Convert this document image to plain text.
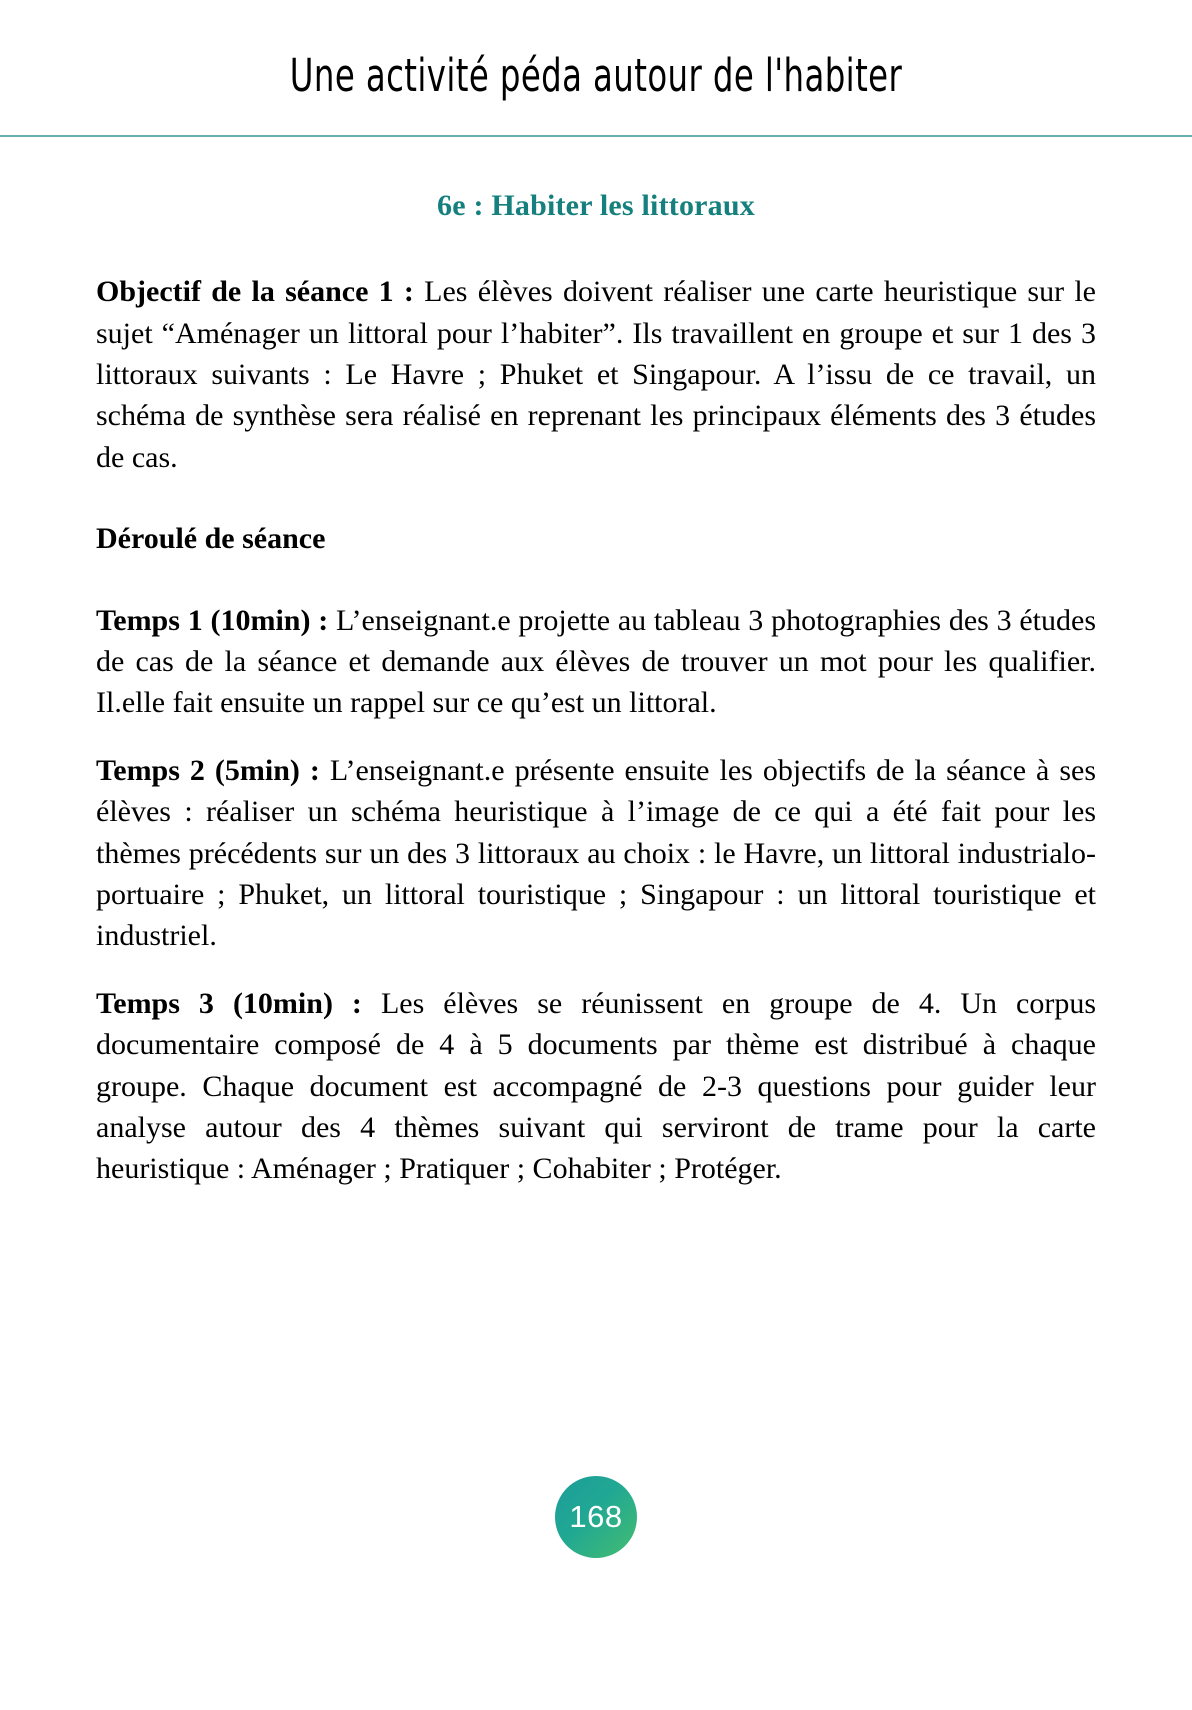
Une activité péda autour de l'habiter
6e : Habiter les littoraux

Objectif de la séance 1 : Les élèves doivent réaliser une carte heuristique sur le sujet “Aménager un littoral pour l’habiter”. Ils travaillent en groupe et sur 1 des 3 littoraux suivants : Le Havre ; Phuket et Singapour. A l’issu de ce travail, un schéma de synthèse sera réalisé en reprenant les principaux éléments des 3 études de cas.

Déroulé de séance

Temps 1 (10min) : L’enseignant.e projette au tableau 3 photographies des 3 études de cas de la séance et demande aux élèves de trouver un mot pour les qualifier. Il.elle fait ensuite un rappel sur ce qu’est un littoral.

Temps 2 (5min) : L’enseignant.e présente ensuite les objectifs de la séance à ses élèves : réaliser un schéma heuristique à l’image de ce qui a été fait pour les thèmes précédents sur un des 3 littoraux au choix : le Havre, un littoral industrialo-portuaire ; Phuket, un littoral touristique ; Singapour : un littoral touristique et industriel.

Temps 3 (10min) : Les élèves se réunissent en groupe de 4. Un corpus documentaire composé de 4 à 5 documents par thème est distribué à chaque groupe. Chaque document est accompagné de 2-3 questions pour guider leur analyse autour des 4 thèmes suivant qui serviront de trame pour la carte heuristique : Aménager ; Pratiquer ; Cohabiter ; Protéger.

168
